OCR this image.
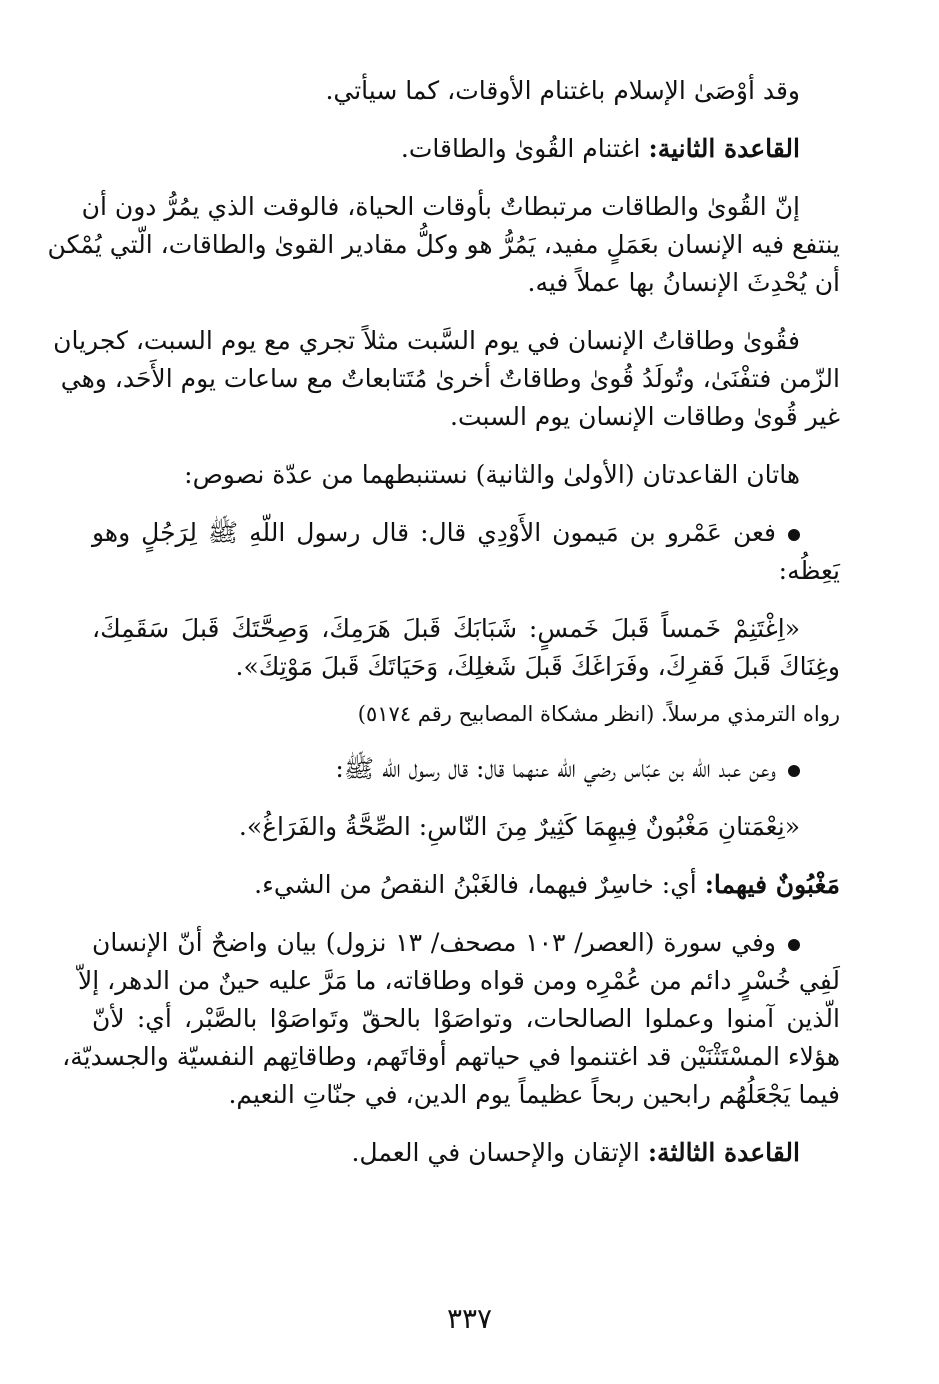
وقد أوْصَىٰ الإسلام باغتنام الأوقات، كما سيأتي.
القاعدة الثانية: اغتنام القُوىٰ والطاقات.
إنّ القُوىٰ والطاقات مرتبطاتٌ بأوقات الحياة، فالوقت الذي يمُرُّ دون أن
ينتفع فيه الإنسان بعَمَلٍ مفيد، يَمُرُّ هو وكلُّ مقادير القوىٰ والطاقات، الّتي يُمْكن
أن يُحْدِثَ الإنسانُ بها عملاً فيه.
فقُوىٰ وطاقاتُ الإنسان في يوم السَّبت مثلاً تجري مع يوم السبت، كجريان
الزّمن فتفْنَىٰ، وتُولَدُ قُوىٰ وطاقاتٌ أخرىٰ مُتَتابعاتٌ مع ساعات يوم الأَحَد، وهي
غير قُوىٰ وطاقات الإنسان يوم السبت.
هاتان القاعدتان (الأولىٰ والثانية) نستنبطهما من عدّة نصوص:
فعن عَمْرو بن مَيمون الأَوْدِي قال: قال رسول اللّهِ ﷺ لِرَجُلٍ وهو
يَعِظُه:
«اِغْتَنِمْ خَمساً قَبلَ خَمسٍ: شَبَابَكَ قَبلَ هَرَمِكَ، وَصِحَّتَكَ قَبلَ سَقَمِكَ،
وغِنَاكَ قَبلَ فَقرِكَ، وفَرَاغَكَ قَبلَ شَغلِكَ، وَحَيَاتَكَ قَبلَ مَوْتِكَ».
رواه الترمذي مرسلاً. (انظر مشكاة المصابيح رقم ٥١٧٤)
وعن عبد الله بن عبّاس رضي الله عنهما قال: قال رسول الله ﷺ:
«نِعْمَتانِ مَغْبُونٌ فِيهِمَا كَثِيرٌ مِنَ النّاسِ: الصِّحَّةُ والفَرَاغُ».
مَغْبُونٌ فيهما: أي: خاسِرٌ فيهما، فالغَبْنُ النقصُ من الشيء.
وفي سورة (العصر/ ١٠٣ مصحف/ ١٣ نزول) بيان واضحٌ أنّ الإنسان
لَفِي خُسْرٍ دائم من عُمْرِه ومن قواه وطاقاته، ما مَرَّ عليه حينٌ من الدهر، إلاّ
الّذين آمنوا وعملوا الصالحات، وتواصَوْا بالحقّ وتَواصَوْا بالصَّبْر، أي: لأنّ
هؤلاء المسْتَثْنَيْن قد اغتنموا في حياتهم أوقاتَهم، وطاقاتِهم النفسيّة والجسديّة،
فيما يَجْعَلُهُم رابحين ربحاً عظيماً يوم الدين، في جنّاتِ النعيم.
القاعدة الثالثة: الإتقان والإحسان في العمل.
٣٣٧
